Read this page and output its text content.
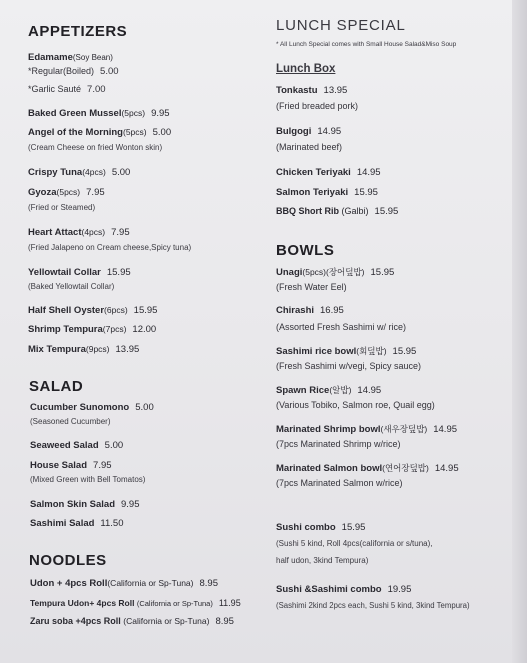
APPETIZERS
Edamame(Soy Bean)
*Regular(Boiled) 5.00
*Garlic Sauté 7.00
Baked Green Mussel(5pcs) 9.95
Angel of the Morning(5pcs) 5.00
(Cream Cheese on fried Wonton skin)
Crispy Tuna(4pcs) 5.00
Gyoza(5pcs) 7.95
(Fried or Steamed)
Heart Attact(4pcs) 7.95
(Fried Jalapeno on Cream cheese,Spicy tuna)
Yellowtail Collar 15.95
(Baked Yellowtail Collar)
Half Shell Oyster(6pcs) 15.95
Shrimp Tempura(7pcs) 12.00
Mix Tempura(9pcs) 13.95
SALAD
Cucumber Sunomono 5.00
(Seasoned Cucumber)
Seaweed Salad 5.00
House Salad 7.95
(Mixed Green with Bell Tomatos)
Salmon Skin Salad 9.95
Sashimi Salad 11.50
NOODLES
Udon + 4pcs Roll(California or Sp-Tuna) 8.95
Tempura Udon+ 4pcs Roll (California or Sp-Tuna) 11.95
Zaru soba +4pcs Roll (California or Sp-Tuna) 8.95
LUNCH SPECIAL
* All Lunch Special comes with Small House Salad&Miso Soup
Lunch Box
Tonkastu 13.95
(Fried breaded pork)
Bulgogi 14.95
(Marinated beef)
Chicken Teriyaki 14.95
Salmon Teriyaki 15.95
BBQ Short Rib (Galbi) 15.95
BOWLS
Unagi(5pcs)(장어덮밥) 15.95
(Fresh Water Eel)
Chirashi 16.95
(Assorted Fresh Sashimi w/ rice)
Sashimi rice bowl(회덮밥) 15.95
(Fresh Sashimi w/vegi, Spicy sauce)
Spawn Rice(알밥) 14.95
(Various Tobiko, Salmon roe, Quail egg)
Marinated Shrimp bowl(새우장덮밥) 14.95
(7pcs Marinated Shrimp w/rice)
Marinated Salmon bowl(연어장덮밥) 14.95
(7pcs Marinated Salmon w/rice)
Sushi combo 15.95
(Sushi 5 kind, Roll 4pcs(california or s/tuna),
half udon, 3kind Tempura)
Sushi &Sashimi combo 19.95
(Sashimi 2kind 2pcs each, Sushi 5 kind, 3kind Tempura)
